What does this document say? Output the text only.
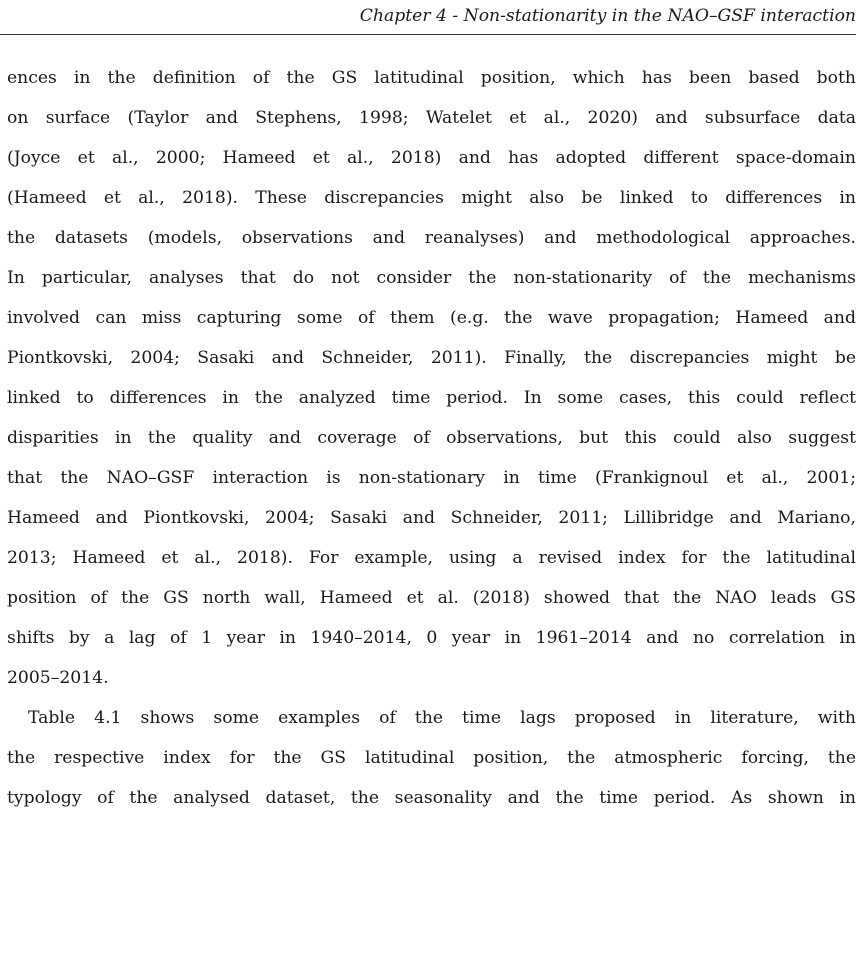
Chapter 4 - Non-stationarity in the NAO–GSF interaction
ences in the definition of the GS latitudinal position, which has been based both
on surface (Taylor and Stephens, 1998; Watelet et al., 2020) and subsurface data
(Joyce et al., 2000; Hameed et al., 2018) and has adopted different space-domain
(Hameed et al., 2018). These discrepancies might also be linked to differences in
the datasets (models, observations and reanalyses) and methodological approaches.
In particular, analyses that do not consider the non-stationarity of the mechanisms
involved can miss capturing some of them (e.g. the wave propagation; Hameed and
Piontkovski, 2004; Sasaki and Schneider, 2011). Finally, the discrepancies might be
linked to differences in the analyzed time period. In some cases, this could reflect
disparities in the quality and coverage of observations, but this could also suggest
that the NAO–GSF interaction is non-stationary in time (Frankignoul et al., 2001;
Hameed and Piontkovski, 2004; Sasaki and Schneider, 2011; Lillibridge and Mariano,
2013; Hameed et al., 2018). For example, using a revised index for the latitudinal
position of the GS north wall, Hameed et al. (2018) showed that the NAO leads GS
shifts by a lag of 1 year in 1940–2014, 0 year in 1961–2014 and no correlation in
2005–2014.
Table 4.1 shows some examples of the time lags proposed in literature, with
the respective index for the GS latitudinal position, the atmospheric forcing, the
typology of the analysed dataset, the seasonality and the time period. As shown in
